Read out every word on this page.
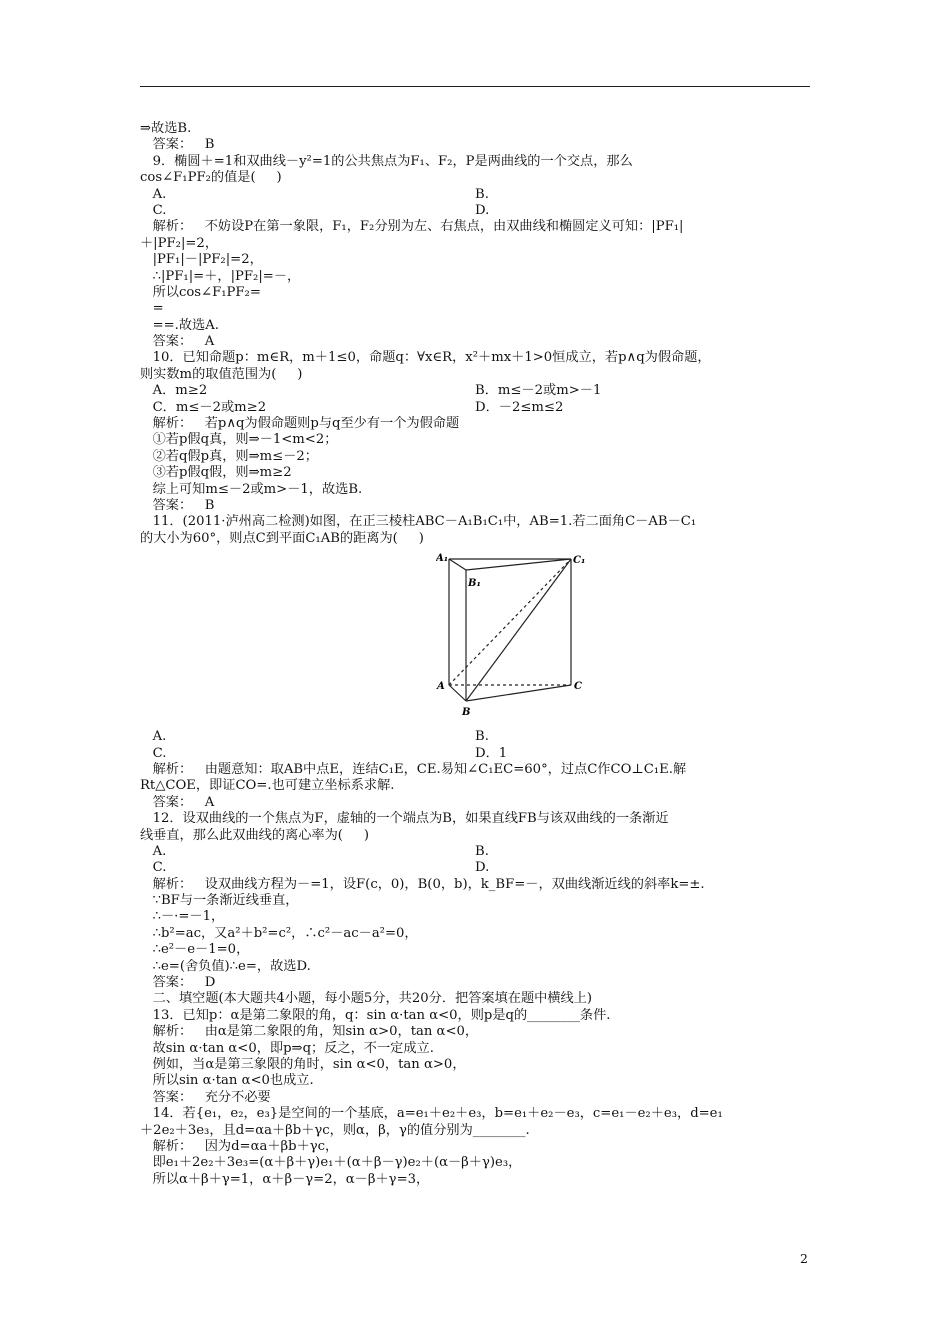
⇒故选B.
答案：   B
9．椭圆＋=1和双曲线－y²=1的公共焦点为F₁、F₂，P是两曲线的一个交点，那么
cos∠F₁PF₂的值是(     )
A.	B.
C.	D.
解析：   不妨设P在第一象限，F₁，F₂分别为左、右焦点，由双曲线和椭圆定义可知：|PF₁|
＋|PF₂|=2，
|PF₁|－|PF₂|=2，
∴|PF₁|=＋，|PF₂|=－，
所以cos∠F₁PF₂=
=
==.故选A.
答案：   A
10．已知命题p：m∈R，m＋1≤0，命题q：∀x∈R，x²＋mx＋1>0恒成立，若p∧q为假命题，
则实数m的取值范围为(     )
A．m≥2	B．m≤－2或m>－1
C．m≤－2或m≥2	D．－2≤m≤2
解析：   若p∧q为假命题则p与q至少有一个为假命题
①若p假q真，则⇒－1<m<2；
②若q假p真，则⇒m≤－2；
③若p假q假，则⇒m≥2
综上可知m≤－2或m>－1，故选B.
答案：   B
11．(2011·泸州高二检测)如图，在正三棱柱ABC－A₁B₁C₁中，AB=1.若二面角C－AB－C₁
的大小为60°，则点C到平面C₁AB的距离为(     )
A₁
B₁
C₁
A
B
C
A.	B.
C.	D．1
解析：   由题意知：取AB中点E，连结C₁E，CE.易知∠C₁EC=60°，过点C作CO⊥C₁E.解
Rt△COE，即证CO=.也可建立坐标系求解.
答案：   A
12．设双曲线的一个焦点为F，虚轴的一个端点为B，如果直线FB与该双曲线的一条渐近
线垂直，那么此双曲线的离心率为(     )
A.	B.
C.	D.
解析：   设双曲线方程为－=1，设F(c，0)，B(0，b)，k_BF=－，双曲线渐近线的斜率k=±.
∵BF与一条渐近线垂直，
∴－·=－1，
∴b²=ac，又a²＋b²=c²，∴c²－ac－a²=0，
∴e²－e－1=0，
∴e=(舍负值)∴e=，故选D.
答案：   D
二、填空题(本大题共4小题，每小题5分，共20分．把答案填在题中横线上)
13．已知p：α是第二象限的角，q：sin α·tan α<0，则p是q的________条件.
解析：   由α是第二象限的角，知sin α>0，tan α<0，
故sin α·tan α<0，即p⇒q；反之，不一定成立.
例如，当α是第三象限的角时，sin α<0，tan α>0，
所以sin α·tan α<0也成立.
答案：   充分不必要
14．若{e₁，e₂，e₃}是空间的一个基底，a=e₁＋e₂＋e₃，b=e₁＋e₂－e₃，c=e₁－e₂＋e₃，d=e₁
＋2e₂＋3e₃，且d=αa＋βb＋γc，则α，β，γ的值分别为________.
解析：   因为d=αa＋βb＋γc，
即e₁＋2e₂＋3e₃=(α＋β＋γ)e₁＋(α＋β－γ)e₂＋(α－β＋γ)e₃，
所以α＋β＋γ=1，α＋β－γ=2，α－β＋γ=3，
2
